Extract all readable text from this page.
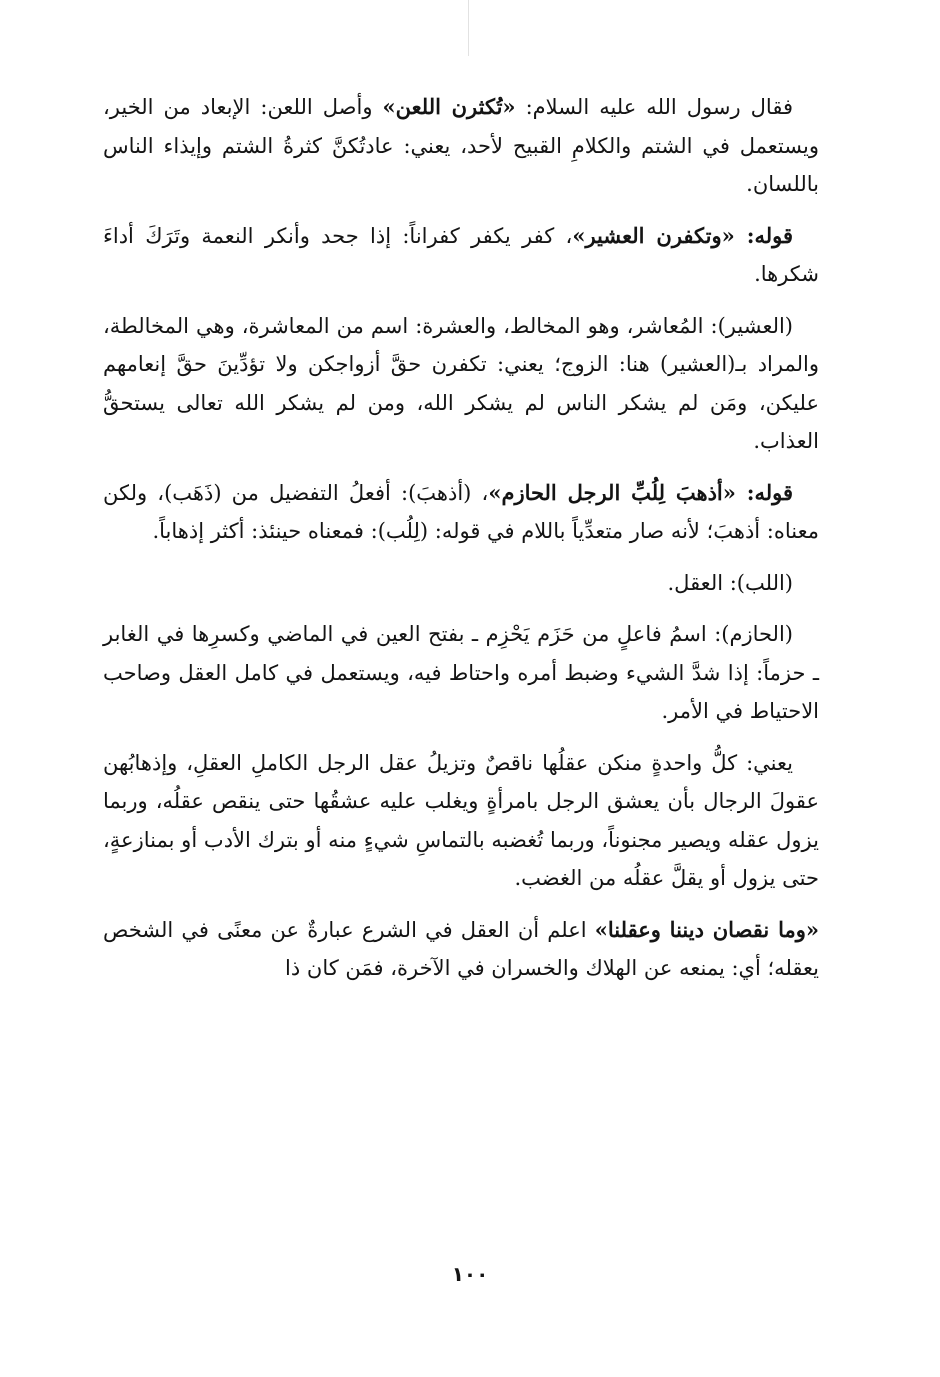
فقال رسول الله عليه السلام: «تُكثرن اللعن» وأصل اللعن: الإبعاد من الخير، ويستعمل في الشتم والكلامِ القبيح لأحد، يعني: عادتُكنَّ كثرةُ الشتم وإيذاء الناس باللسان.

قوله: «وتكفرن العشير»، كفر يكفر كفراناً: إذا جحد وأنكر النعمة وتَرَكَ أداءَ شكرها.

(العشير): المُعاشر، وهو المخالط، والعشرة: اسم من المعاشرة، وهي المخالطة، والمراد بـ(العشير) هنا: الزوج؛ يعني: تكفرن حقَّ أزواجكن ولا تؤدِّينَ حقَّ إنعامهم عليكن، ومَن لم يشكر الناس لم يشكر الله، ومن لم يشكر الله تعالى يستحقُّ العذاب.

قوله: «أذهبَ لِلُبِّ الرجل الحازم»، (أذهبَ): أفعلُ التفضيل من (ذَهَب)، ولكن معناه: أذهبَ؛ لأنه صار متعدِّياً باللام في قوله: (لِلُب): فمعناه حينئذ: أكثر إذهاباً.

(اللب): العقل.

(الحازم): اسمُ فاعلٍ من حَزَم يَحْزِم ـ بفتح العين في الماضي وكسرِها في الغابر ـ حزماً: إذا شدَّ الشيء وضبط أمره واحتاط فيه، ويستعمل في كامل العقل وصاحب الاحتياط في الأمر.

يعني: كلُّ واحدةٍ منكن عقلُها ناقصٌ وتزيلُ عقل الرجل الكاملِ العقلِ، وإذهابُهن عقولَ الرجال بأن يعشق الرجل بامرأةٍ ويغلب عليه عشقُها حتى ينقص عقلُه، وربما يزول عقله ويصير مجنوناً، وربما تُغضبه بالتماسِ شيءٍ منه أو بترك الأدب أو بمنازعةٍ، حتى يزول أو يقلَّ عقلُه من الغضب.

«وما نقصان ديننا وعقلنا» اعلم أن العقل في الشرع عبارةٌ عن معنًى في الشخص يعقله؛ أي: يمنعه عن الهلاك والخسران في الآخرة، فمَن كان ذا

١٠٠
